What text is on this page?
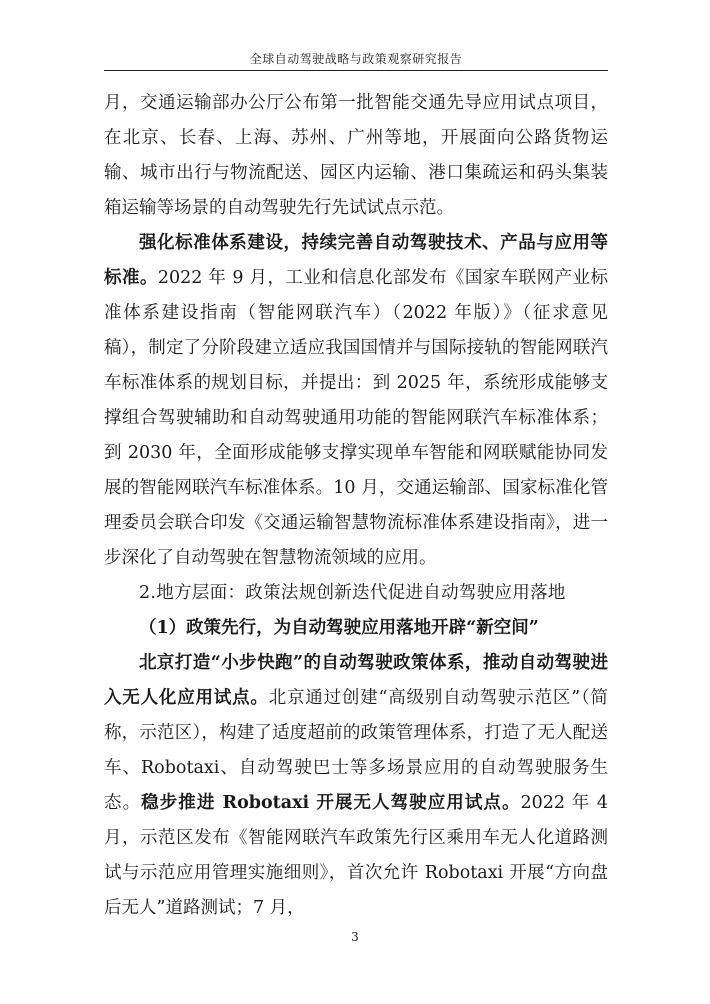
全球自动驾驶战略与政策观察研究报告

月，交通运输部办公厅公布第一批智能交通先导应用试点项目，在北京、长春、上海、苏州、广州等地，开展面向公路货物运输、城市出行与物流配送、园区内运输、港口集疏运和码头集装箱运输等场景的自动驾驶先行先试试点示范。

强化标准体系建设，持续完善自动驾驶技术、产品与应用等标准。2022 年 9 月，工业和信息化部发布《国家车联网产业标准体系建设指南（智能网联汽车）（2022 年版）》（征求意见稿），制定了分阶段建立适应我国国情并与国际接轨的智能网联汽车标准体系的规划目标，并提出：到 2025 年，系统形成能够支撑组合驾驶辅助和自动驾驶通用功能的智能网联汽车标准体系；到 2030 年，全面形成能够支撑实现单车智能和网联赋能协同发展的智能网联汽车标准体系。10 月，交通运输部、国家标准化管理委员会联合印发《交通运输智慧物流标准体系建设指南》，进一步深化了自动驾驶在智慧物流领域的应用。

2.地方层面：政策法规创新迭代促进自动驾驶应用落地

（1）政策先行，为自动驾驶应用落地开辟“新空间”

北京打造“小步快跑”的自动驾驶政策体系，推动自动驾驶进入无人化应用试点。北京通过创建“高级别自动驾驶示范区”（简称，示范区），构建了适度超前的政策管理体系，打造了无人配送车、Robotaxi、自动驾驶巴士等多场景应用的自动驾驶服务生态。稳步推进 Robotaxi 开展无人驾驶应用试点。2022 年 4 月，示范区发布《智能网联汽车政策先行区乘用车无人化道路测试与示范应用管理实施细则》，首次允许 Robotaxi 开展“方向盘后无人”道路测试；7 月，

3
